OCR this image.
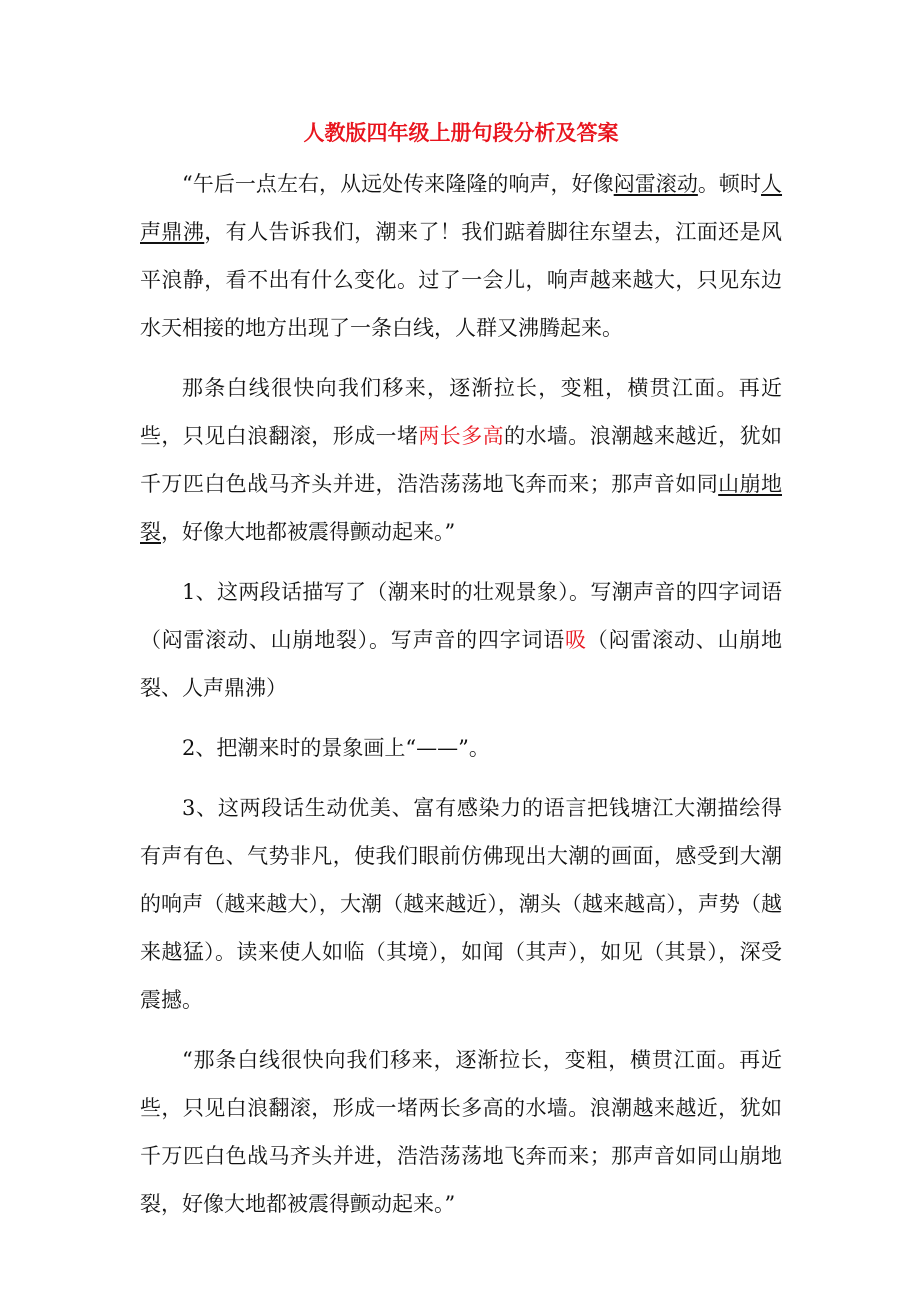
人教版四年级上册句段分析及答案

“午后一点左右，从远处传来隆隆的响声，好像闷雷滚动。顿时人声鼎沸，有人告诉我们，潮来了！我们踮着脚往东望去，江面还是风平浪静，看不出有什么变化。过了一会儿，响声越来越大，只见东边水天相接的地方出现了一条白线，人群又沸腾起来。

那条白线很快向我们移来，逐渐拉长，变粗，横贯江面。再近些，只见白浪翻滚，形成一堵两长多高的水墙。浪潮越来越近，犹如千万匹白色战马齐头并进，浩浩荡荡地飞奔而来；那声音如同山崩地裂，好像大地都被震得颤动起来。”

1、这两段话描写了（潮来时的壮观景象）。写潮声音的四字词语（闷雷滚动、山崩地裂）。写声音的四字词语吸（闷雷滚动、山崩地裂、人声鼎沸）

2、把潮来时的景象画上“——”。

3、这两段话生动优美、富有感染力的语言把钱塘江大潮描绘得有声有色、气势非凡，使我们眼前仿佛现出大潮的画面，感受到大潮的响声（越来越大），大潮（越来越近），潮头（越来越高），声势（越来越猛）。读来使人如临（其境），如闻（其声），如见（其景），深受震撼。

“那条白线很快向我们移来，逐渐拉长，变粗，横贯江面。再近些，只见白浪翻滚，形成一堵两长多高的水墙。浪潮越来越近，犹如千万匹白色战马齐头并进，浩浩荡荡地飞奔而来；那声音如同山崩地裂，好像大地都被震得颤动起来。”
